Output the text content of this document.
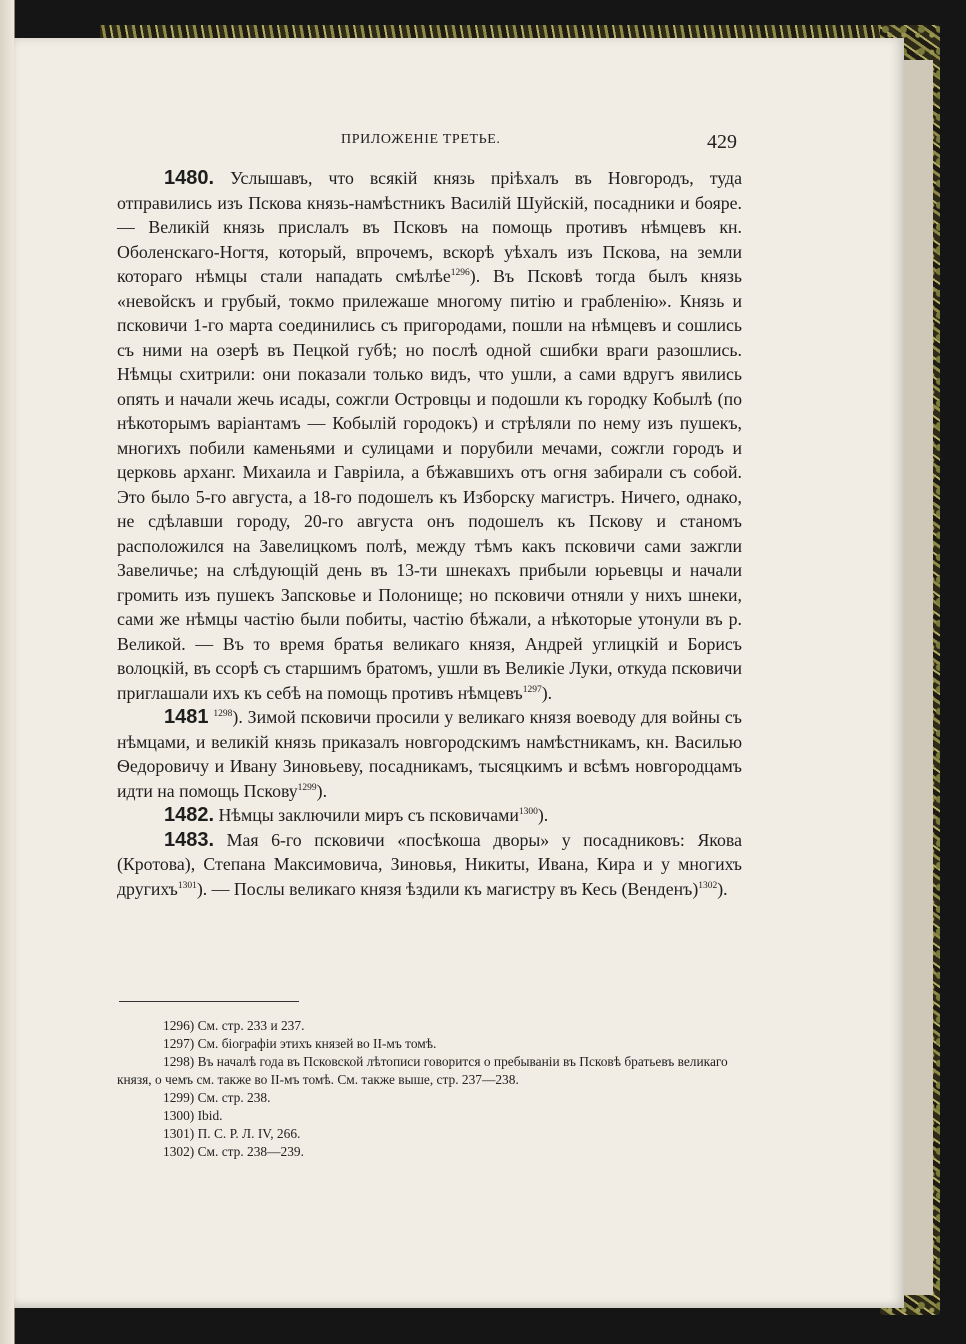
ПРИЛОЖЕНIЕ ТРЕТЬЕ.	429

1480. Услышавъ, что всякiй князь прiѣхалъ въ Новгородъ, туда отправились изъ Пскова князь-намѣстникъ Василiй Шуйскiй, посадники и бояре. — Великiй князь прислалъ въ Псковъ на помощь противъ нѣмцевъ кн. Оболенскаго-Ногтя, который, впрочемъ, вскорѣ уѣхалъ изъ Пскова, на земли котораго нѣмцы стали нападать смѣлѣе$^{1296}$). Въ Псковѣ тогда былъ князь «невойскъ и грубый, токмо прилежаше многому питiю и грабленiю». Князь и псковичи 1-го марта соединились съ пригородами, пошли на нѣмцевъ и сошлись съ ними на озерѣ въ Пецкой губѣ; но послѣ одной сшибки враги разошлись. Нѣмцы схитрили: они показали только видъ, что ушли, а сами вдругъ явились опять и начали жечь исады, сожгли Островцы и подошли къ городку Кобылѣ (по нѣкоторымъ варiантамъ — Кобылiй городокъ) и стрѣляли по нему изъ пушекъ, многихъ побили каменьями и сулицами и порубили мечами, сожгли городъ и церковь арханг. Михаила и Гаврiила, а бѣжавшихъ отъ огня забирали съ собой. Это было 5-го августа, а 18-го подошелъ къ Изборску магистръ. Ничего, однако, не сдѣлавши городу, 20-го августа онъ подошелъ къ Пскову и станомъ расположился на Завелицкомъ полѣ, между тѣмъ какъ псковичи сами зажгли Завеличье; на слѣдующiй день въ 13-ти шнекахъ прибыли юрьевцы и начали громить изъ пушекъ Запсковье и Полонище; но псковичи отняли у нихъ шнеки, сами же нѣмцы частiю были побиты, частiю бѣжали, а нѣкоторые утонули въ р. Великой. — Въ то время братья великаго князя, Андрей углицкiй и Борисъ волоцкiй, въ ссорѣ съ старшимъ братомъ, ушли въ Великiе Луки, откуда псковичи приглашали ихъ къ себѣ на помощь противъ нѣмцевъ$^{1297}$).

1481 $^{1298}$). Зимой псковичи просили у великаго князя воеводу для войны съ нѣмцами, и великiй князь приказалъ новгородскимъ намѣстникамъ, кн. Василью Ѳедоровичу и Ивану Зиновьеву, посадникамъ, тысяцкимъ и всѣмъ новгородцамъ идти на помощь Пскову$^{1299}$).

1482. Нѣмцы заключили миръ съ псковичами$^{1300}$).

1483. Мая 6-го псковичи «посѣкоша дворы» у посадниковъ: Якова (Кротова), Степана Максимовича, Зиновья, Никиты, Ивана, Кира и у многихъ другихъ$^{1301}$). — Послы великаго князя ѣздили къ магистру въ Кесь (Венденъ)$^{1302}$).

1296) См. стр. 233 и 237.

1297) См. бiографiи этихъ князей во II-мъ томѣ.

1298) Въ началѣ года въ Псковской лѣтописи говорится о пребыванiи въ Псковѣ братьевъ великаго князя, о чемъ см. также во II-мъ томѣ. См. также выше, стр. 237—238.

1299) См. стр. 238.

1300) Ibid.

1301) П. С. Р. Л. IV, 266.

1302) См. стр. 238—239.
